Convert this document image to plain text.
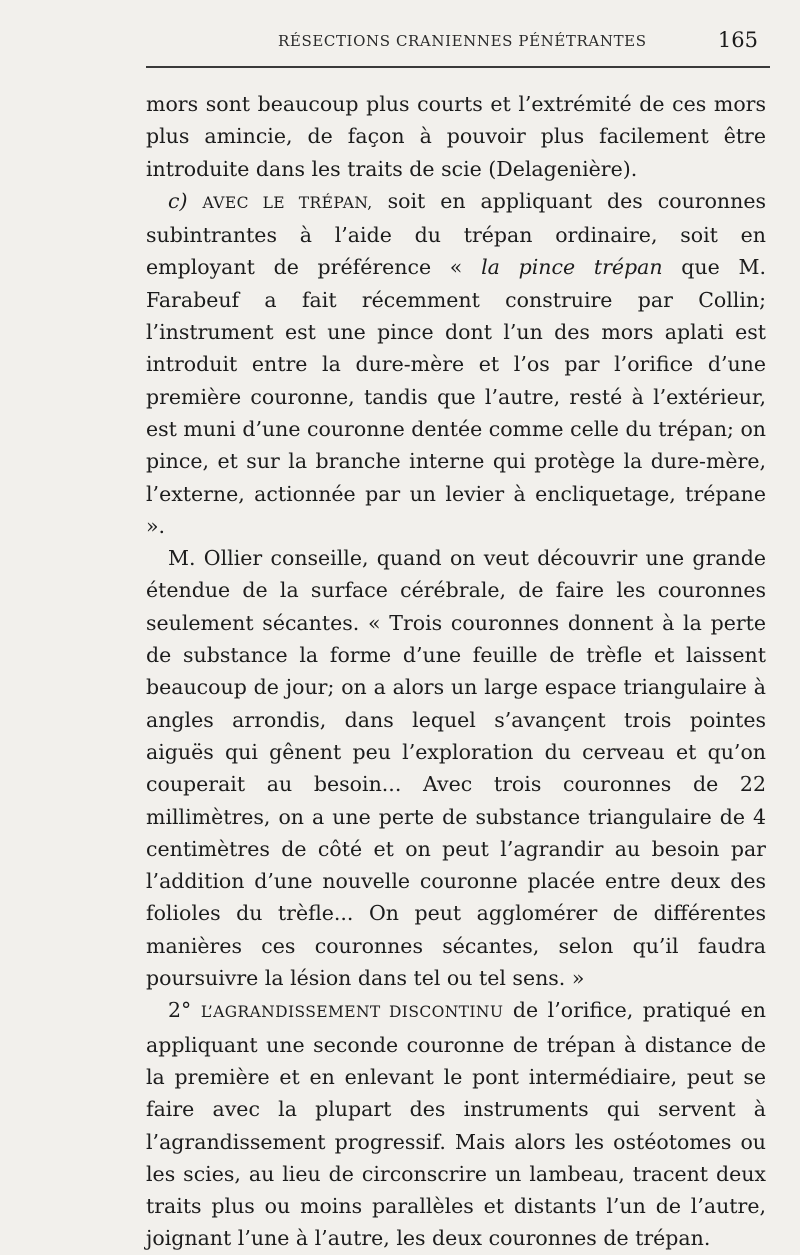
RÉSECTIONS CRANIENNES PÉNÉTRANTES	165

mors sont beaucoup plus courts et l’extrémité de ces mors plus amincie, de façon à pouvoir plus facilement être introduite dans les traits de scie (Delagenière).

c) AVEC LE TRÉPAN, soit en appliquant des couronnes subintrantes à l’aide du trépan ordinaire, soit en employant de préférence « la pince trépan que M. Farabeuf a fait récemment construire par Collin; l’instrument est une pince dont l’un des mors aplati est introduit entre la dure-mère et l’os par l’orifice d’une première couronne, tandis que l’autre, resté à l’extérieur, est muni d’une couronne dentée comme celle du trépan; on pince, et sur la branche interne qui protège la dure-mère, l’externe, actionnée par un levier à encliquetage, trépane ».

M. Ollier conseille, quand on veut découvrir une grande étendue de la surface cérébrale, de faire les couronnes seulement sécantes. « Trois couronnes donnent à la perte de substance la forme d’une feuille de trèfle et laissent beaucoup de jour; on a alors un large espace triangulaire à angles arrondis, dans lequel s’avançent trois pointes aiguës qui gênent peu l’exploration du cerveau et qu’on couperait au besoin... Avec trois couronnes de 22 millimètres, on a une perte de substance triangulaire de 4 centimètres de côté et on peut l’agrandir au besoin par l’addition d’une nouvelle couronne placée entre deux des folioles du trèfle... On peut agglomérer de différentes manières ces couronnes sécantes, selon qu’il faudra poursuivre la lésion dans tel ou tel sens. »

2° L’AGRANDISSEMENT DISCONTINU de l’orifice, pratiqué en appliquant une seconde couronne de trépan à distance de la première et en enlevant le pont intermédiaire, peut se faire avec la plupart des instruments qui servent à l’agrandissement progressif. Mais alors les ostéotomes ou les scies, au lieu de circonscrire un lambeau, tracent deux traits plus ou moins parallèles et distants l’un de l’autre, joignant l’une à l’autre, les deux couronnes de trépan.
